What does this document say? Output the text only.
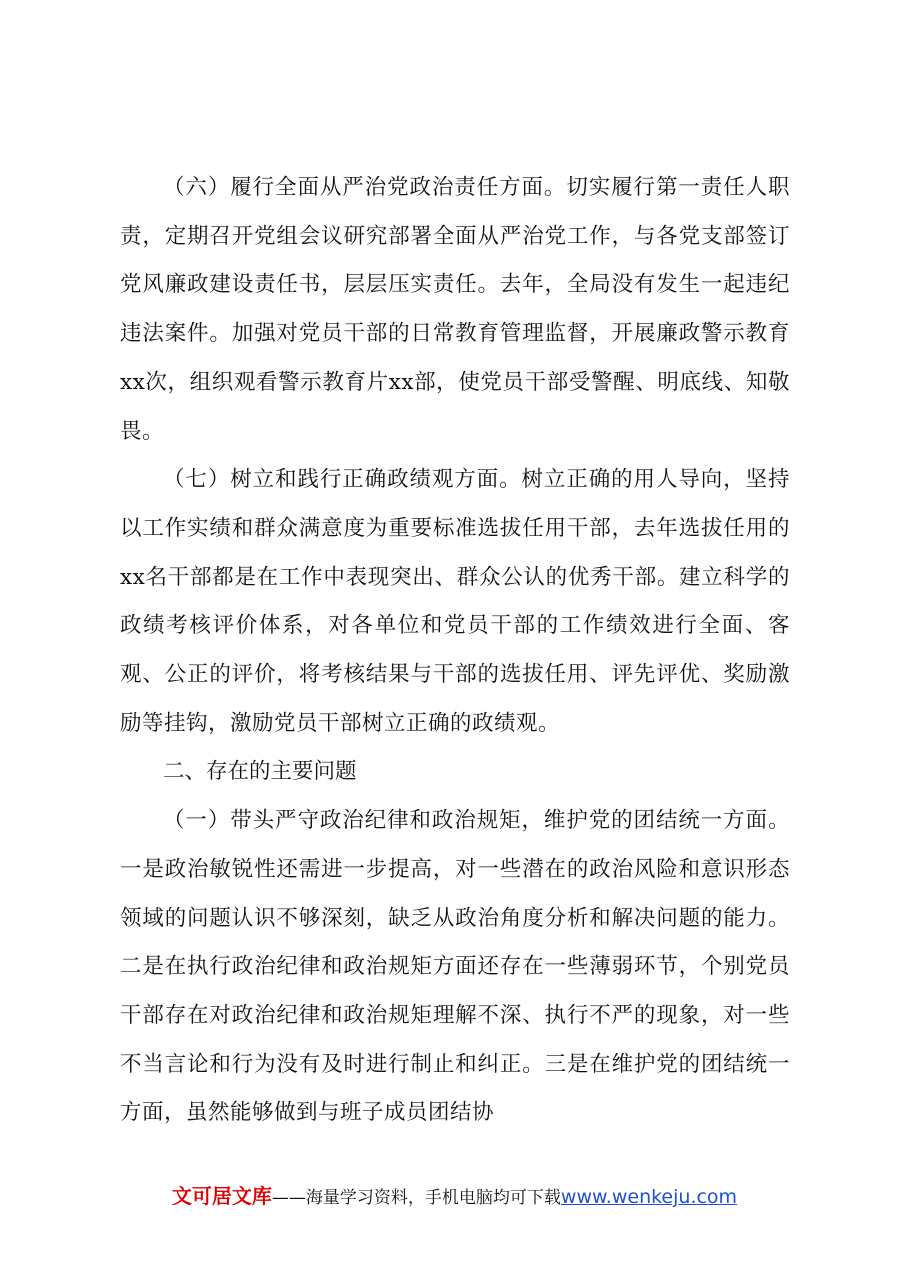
（六）履行全面从严治党政治责任方面。切实履行第一责任人职责，定期召开党组会议研究部署全面从严治党工作，与各党支部签订党风廉政建设责任书，层层压实责任。去年，全局没有发生一起违纪违法案件。加强对党员干部的日常教育管理监督，开展廉政警示教育xx次，组织观看警示教育片xx部，使党员干部受警醒、明底线、知敬畏。

（七）树立和践行正确政绩观方面。树立正确的用人导向，坚持以工作实绩和群众满意度为重要标准选拔任用干部，去年选拔任用的xx名干部都是在工作中表现突出、群众公认的优秀干部。建立科学的政绩考核评价体系，对各单位和党员干部的工作绩效进行全面、客观、公正的评价，将考核结果与干部的选拔任用、评先评优、奖励激励等挂钩，激励党员干部树立正确的政绩观。

二、存在的主要问题

（一）带头严守政治纪律和政治规矩，维护党的团结统一方面。一是政治敏锐性还需进一步提高，对一些潜在的政治风险和意识形态领域的问题认识不够深刻，缺乏从政治角度分析和解决问题的能力。二是在执行政治纪律和政治规矩方面还存在一些薄弱环节，个别党员干部存在对政治纪律和政治规矩理解不深、执行不严的现象，对一些不当言论和行为没有及时进行制止和纠正。三是在维护党的团结统一方面，虽然能够做到与班子成员团结协

文可居文库——海量学习资料，手机电脑均可下载www.wenkeju.com
